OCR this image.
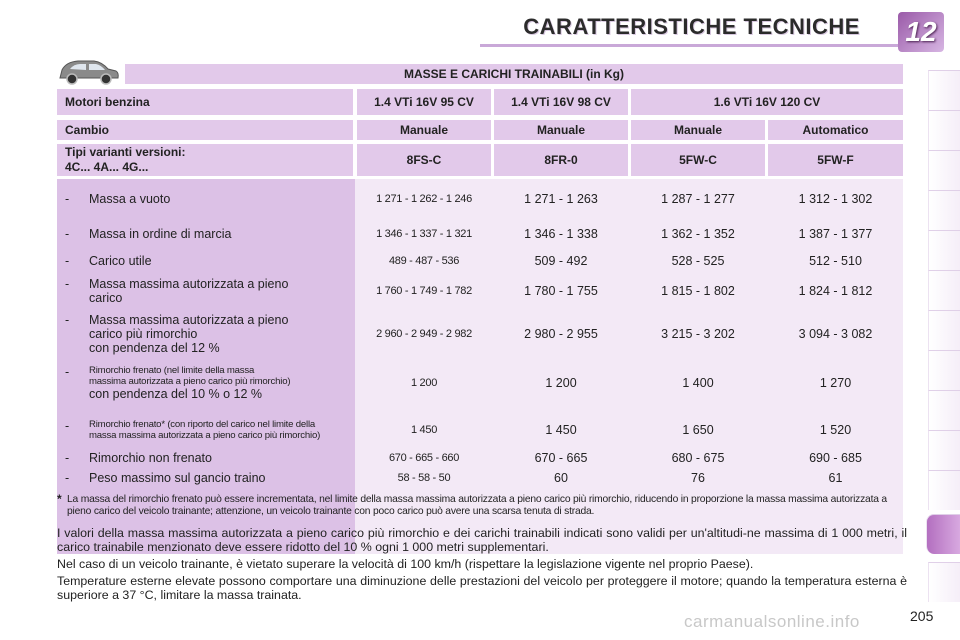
CARATTERISTICHE TECNICHE 12
MASSE E CARICHI TRAINABILI (in Kg)
Motori benzina	1.4 VTi 16V 95 CV	1.4 VTi 16V 98 CV	1.6 VTi 16V 120 CV
Cambio	Manuale	Manuale	Manuale	Automatico
Tipi varianti versioni:
4C... 4A... 4G...	8FS-C	8FR-0	5FW-C	5FW-F
-	Massa a vuoto	1 271 - 1 262 - 1 246	1 271 - 1 263	1 287 - 1 277	1 312 - 1 302
-	Massa in ordine di marcia	1 346 - 1 337 - 1 321	1 346 - 1 338	1 362 - 1 352	1 387 - 1 377
-	Carico utile	489 - 487 - 536	509 - 492	528 - 525	512 - 510
-	Massa massima autorizzata a pieno
carico	1 760 - 1 749 - 1 782	1 780 - 1 755	1 815 - 1 802	1 824 - 1 812
-	Massa massima autorizzata a pieno
carico più rimorchio
con pendenza del 12 %
2 960 - 2 949 - 2 982	2 980 - 2 955	3 215 - 3 202	3 094 - 3 082
-	Rimorchio frenato (nel limite della massa
massima autorizzata a pieno carico più rimorchio)
con pendenza del 10 % o 12 %
1 200	1 200	1 400	1 270
-	Rimorchio frenato* (con riporto del carico nel limite della
massa massima autorizzata a pieno carico più rimorchio)	1 450	1 450	1 650	1 520
-	Rimorchio non frenato	670 - 665 - 660	670 - 665	680 - 675	690 - 685
-	Peso massimo sul gancio traino	58 - 58 - 50	60	76	61
* La massa del rimorchio frenato può essere incrementata, nel limite della massa massima autorizzata a pieno carico più rimorchio, riducendo in proporzione la massa massima autorizzata a pieno carico del veicolo trainante; attenzione, un veicolo trainante con poco carico può avere una scarsa tenuta di strada.
I valori della massa massima autorizzata a pieno carico più rimorchio e dei carichi trainabili indicati sono validi per un'altitudi-ne massima di 1 000 metri, il carico trainabile menzionato deve essere ridotto del 10 % ogni 1 000 metri supplementari.
Nel caso di un veicolo trainante, è vietato superare la velocità di 100 km/h (rispettare la legislazione vigente nel proprio Paese).
Temperature esterne elevate possono comportare una diminuzione delle prestazioni del veicolo per proteggere il motore; quando la temperatura esterna è superiore a 37 °C, limitare la massa trainata.
carmanualsonline.info	205
